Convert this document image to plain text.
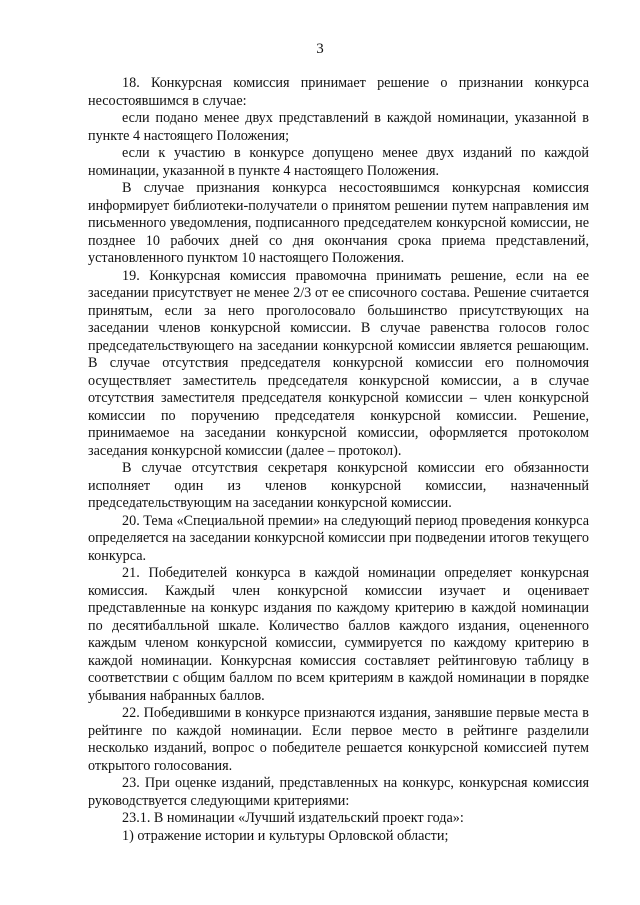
3

18. Конкурсная комиссия принимает решение о признании конкурса несостоявшимся в случае:

если подано менее двух представлений в каждой номинации, указанной в пункте 4 настоящего Положения;

если к участию в конкурсе допущено менее двух изданий по каждой номинации, указанной в пункте 4 настоящего Положения.

В случае признания конкурса несостоявшимся конкурсная комиссия информирует библиотеки-получатели о принятом решении путем направления им письменного уведомления, подписанного председателем конкурсной комиссии, не позднее 10 рабочих дней со дня окончания срока приема представлений, установленного пунктом 10 настоящего Положения.

19. Конкурсная комиссия правомочна принимать решение, если на ее заседании присутствует не менее 2/3 от ее списочного состава. Решение считается принятым, если за него проголосовало большинство присутствующих на заседании членов конкурсной комиссии. В случае равенства голосов голос председательствующего на заседании конкурсной комиссии является решающим. В случае отсутствия председателя конкурсной комиссии его полномочия осуществляет заместитель председателя конкурсной комиссии, а в случае отсутствия заместителя председателя конкурсной комиссии – член конкурсной комиссии по поручению председателя конкурсной комиссии. Решение, принимаемое на заседании конкурсной комиссии, оформляется протоколом заседания конкурсной комиссии (далее – протокол).

В случае отсутствия секретаря конкурсной комиссии его обязанности исполняет один из членов конкурсной комиссии, назначенный председательствующим на заседании конкурсной комиссии.

20. Тема «Специальной премии» на следующий период проведения конкурса определяется на заседании конкурсной комиссии при подведении итогов текущего конкурса.

21. Победителей конкурса в каждой номинации определяет конкурсная комиссия. Каждый член конкурсной комиссии изучает и оценивает представленные на конкурс издания по каждому критерию в каждой номинации по десятибалльной шкале. Количество баллов каждого издания, оцененного каждым членом конкурсной комиссии, суммируется по каждому критерию в каждой номинации. Конкурсная комиссия составляет рейтинговую таблицу в соответствии с общим баллом по всем критериям в каждой номинации в порядке убывания набранных баллов.

22. Победившими в конкурсе признаются издания, занявшие первые места в рейтинге по каждой номинации. Если первое место в рейтинге разделили несколько изданий, вопрос о победителе решается конкурсной комиссией путем открытого голосования.

23. При оценке изданий, представленных на конкурс, конкурсная комиссия руководствуется следующими критериями:

23.1. В номинации «Лучший издательский проект года»:

1) отражение истории и культуры Орловской области;
